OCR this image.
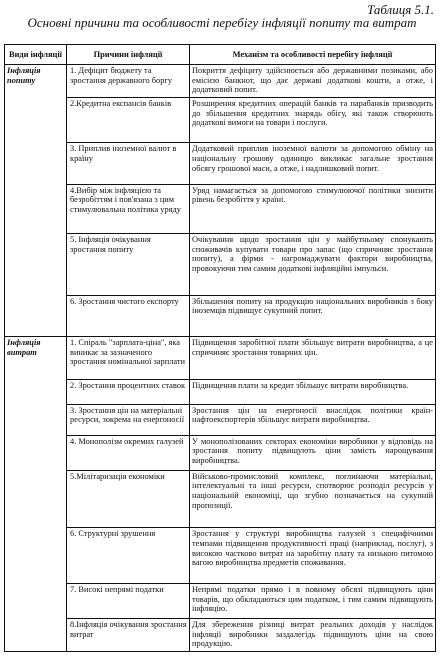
Таблиця 5.1.
Основні причини та особливості перебігу інфляції попиту та витрат
Види інфляції	Причини інфляції	Механізм та особливості перебігу інфляції
Інфляція попиту	1. Дефіцит бюджету та зростання державного боргу	Покриття дефіциту здійснюється або державними позиками, або емісією банкнот, що дає державі додаткові кошти, а отже, і додатковий попит.
	2.Кредитна експансія банків	Розширення кредитних операцій банків та парабанків призводить до збільшення кредитних знарядь обігу, які також створюють додаткові вимоги на товари і послуги.
	3. Приплив іноземної валют в країну	Додатковий приплив іноземної валюти за допомогою обміну на національну грошову одиницю викликає загальне зростання обсягу грошової маси, а отже, і надлишковий попит.
	4.Вибір між інфляцією та безробіттям і пов'язана з цим стимулювальна політика уряду	Уряд намагається за допомогою стимулюючої політики знизити рівень безробіття у країні.
	5. Інфляція очікування зростання попиту	Очікування щодо зростання цін у майбутньому спонукають споживачів купувати товари про запас (що спричиняє зростання попиту), а фірми - нагромаджувати фактори виробництва, провокуючи тим самим додаткові інфляційні імпульси.
	6. Зростання чистого експорту	Збільшення попиту на продукцію національних виробників з боку іноземців підвищує сукупний попит.
Інфляція витрат	1. Спіраль "зарплата-ціна", яка виникає за зазначеного зростання номінальної зарплати	Підвищення заробітної плати збільшує витрати виробництва, а це спричиняє зростання товарних цін.
	2. Зростання процентних ставок	Підвищення плати за кредит збільшує витрати виробництва.
	3. Зростання цін на матеріальні ресурси, зокрема на енергоносії	Зростання цін на енергоносії внаслідок політики країн-нафтоекспортерів збільшує витрати виробництва.
	4. Монополізм окремих галузей	У монополізованих секторах економіки виробники у відповідь на зростання попиту підвищують ціни замість нарощування виробництва.
	5.Мілітаризація економіки	Військово-промисловий комплекс, поглинаючи матеріальні, інтелектуальні та інші ресурси, спотворює розподіл ресурсів у національній економіці, що згубно позначається на сукупній пропозиції.
	6. Структурні зрушення	Зростання у структурі виробництва галузей з специфічними темпами підвищення продуктивності праці (наприклад, послуг), з високою частково витрат на заробітну плату та низькою питомою вагою виробництва предметів споживання.
	7. Високі непрямі податки	Непрямі податки прямо і в повному обсязі підвищують ціни товарів, що обкладаються цим податком, і тим самим підвищують інфляцію.
	8.Інфляція очікування зростання витрат	Для збереження різниці витрат реальних доходів у наслідок інфляції виробники заздалегідь підвищують ціни на свою продукцію.
